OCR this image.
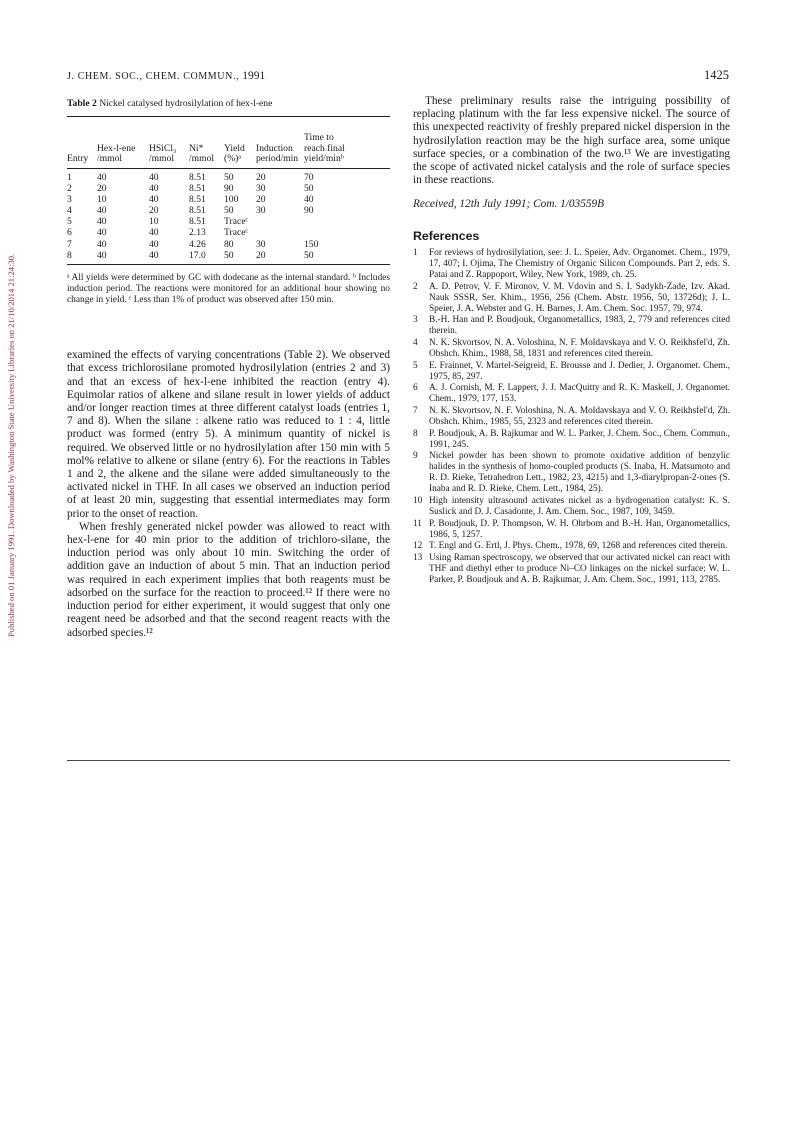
Published on 01 January 1991. Downloaded by Washington State University Libraries on 21/10/2014 21:24:30.
J. CHEM. SOC., CHEM. COMMUN., 1991	1425
Table 2 Nickel catalysed hydrosilylation of hex-l-ene
						Time to
	Hex-l-ene	HSiCl₃	Ni*	Yield	Induction	reach final
Entry	/mmol	/mmol	/mmol	(%)ᵃ	period/min	yield/minᵇ
1	40	40	8.51	50	20	70
2	20	40	8.51	90	30	50
3	10	40	8.51	100	20	40
4	40	20	8.51	50	30	90
5	40	10	8.51	Traceᶜ		
6	40	40	2.13	Traceᶜ		
7	40	40	4.26	80	30	150
8	40	40	17.0	50	20	50
ᵃ All yields were determined by GC with dodecane as the internal standard. ᵇ Includes induction period. The reactions were monitored for an additional hour showing no change in yield. ᶜ Less than 1% of product was observed after 150 min.

examined the effects of varying concentrations (Table 2). We observed that excess trichlorosilane promoted hydrosilylation (entries 2 and 3) and that an excess of hex-l-ene inhibited the reaction (entry 4). Equimolar ratios of alkene and silane result in lower yields of adduct and/or longer reaction times at three different catalyst loads (entries 1, 7 and 8). When the silane : alkene ratio was reduced to 1 : 4, little product was formed (entry 5). A minimum quantity of nickel is required. We observed little or no hydrosilylation after 150 min with 5 mol% relative to alkene or silane (entry 6). For the reactions in Tables 1 and 2, the alkene and the silane were added simultaneously to the activated nickel in THF. In all cases we observed an induction period of at least 20 min, suggesting that essential intermediates may form prior to the onset of reaction.

When freshly generated nickel powder was allowed to react with hex-l-ene for 40 min prior to the addition of trichloro-silane, the induction period was only about 10 min. Switching the order of addition gave an induction of about 5 min. That an induction period was required in each experiment implies that both reagents must be adsorbed on the surface for the reaction to proceed.¹² If there were no induction period for either experiment, it would suggest that only one reagent need be adsorbed and that the second reagent reacts with the adsorbed species.¹²

These preliminary results raise the intriguing possibility of replacing platinum with the far less expensive nickel. The source of this unexpected reactivity of freshly prepared nickel dispersion in the hydrosilylation reaction may be the high surface area, some unique surface species, or a combination of the two.¹³ We are investigating the scope of activated nickel catalysis and the role of surface species in these reactions.

Received, 12th July 1991; Com. 1/03559B
References
1 For reviews of hydrosilylation, see: J. L. Speier, Adv. Organomet. Chem., 1979, 17, 407; I. Ojima, The Chemistry of Organic Silicon Compounds. Part 2, eds. S. Patai and Z. Rappoport, Wiley, New York, 1989, ch. 25.
2 A. D. Petrov, V. F. Mironov, V. M. Vdovin and S. I. Sadykh-Zade, Izv. Akad. Nauk SSSR, Ser. Khim., 1956, 256 (Chem. Abstr. 1956, 50, 13726d); J. L. Speier, J. A. Webster and G. H. Barnes, J. Am. Chem. Soc. 1957, 79, 974.
3 B.-H. Han and P. Boudjouk, Organometallics, 1983, 2, 779 and references cited therein.
4 N. K. Skvortsov, N. A. Voloshina, N. F. Moldavskaya and V. O. Reikhsfel'd, Zh. Obshch. Khim., 1988, 58, 1831 and references cited therein.
5 E. Frainnet, V. Martel-Seigreid, E. Brousse and J. Dedier, J. Organomet. Chem., 1975, 85, 297.
6 A. J. Cornish, M. F. Lappert, J. J. MacQuitty and R. K. Maskell, J. Organomet. Chem., 1979, 177, 153.
7 N. K. Skvortsov, N. F. Voloshina, N. A. Moldavskaya and V. O. Reikhsfel'd, Zh. Obshch. Khim., 1985, 55, 2323 and references cited therein.
8 P. Boudjouk, A. B. Rajkumar and W. L. Parker, J. Chem. Soc., Chem. Commun., 1991, 245.
9 Nickel powder has been shown to promote oxidative addition of benzylic halides in the synthesis of homo-coupled products (S. Inaba, H. Matsumoto and R. D. Rieke, Tetrahedron Lett., 1982, 23, 4215) and 1,3-diarylpropan-2-ones (S. Inaba and R. D. Rieke, Chem. Lett., 1984, 25).
10 High intensity ultrasound activates nickel as a hydrogenation catalyst: K. S. Suslick and D. J. Casadonte, J. Am. Chem. Soc., 1987, 109, 3459.
11 P. Boudjouk, D. P. Thompson, W. H. Ohrbom and B.-H. Han, Organometallics, 1986, 5, 1257.
12 T. Engl and G. Ertl, J. Phys. Chem., 1978, 69, 1268 and references cited therein.
13 Using Raman spectroscopy, we observed that our activated nickel can react with THF and diethyl ether to produce Ni–CO linkages on the nickel surface: W. L. Parker, P. Boudjouk and A. B. Rajkumar, J. Am. Chem. Soc., 1991, 113, 2785.
